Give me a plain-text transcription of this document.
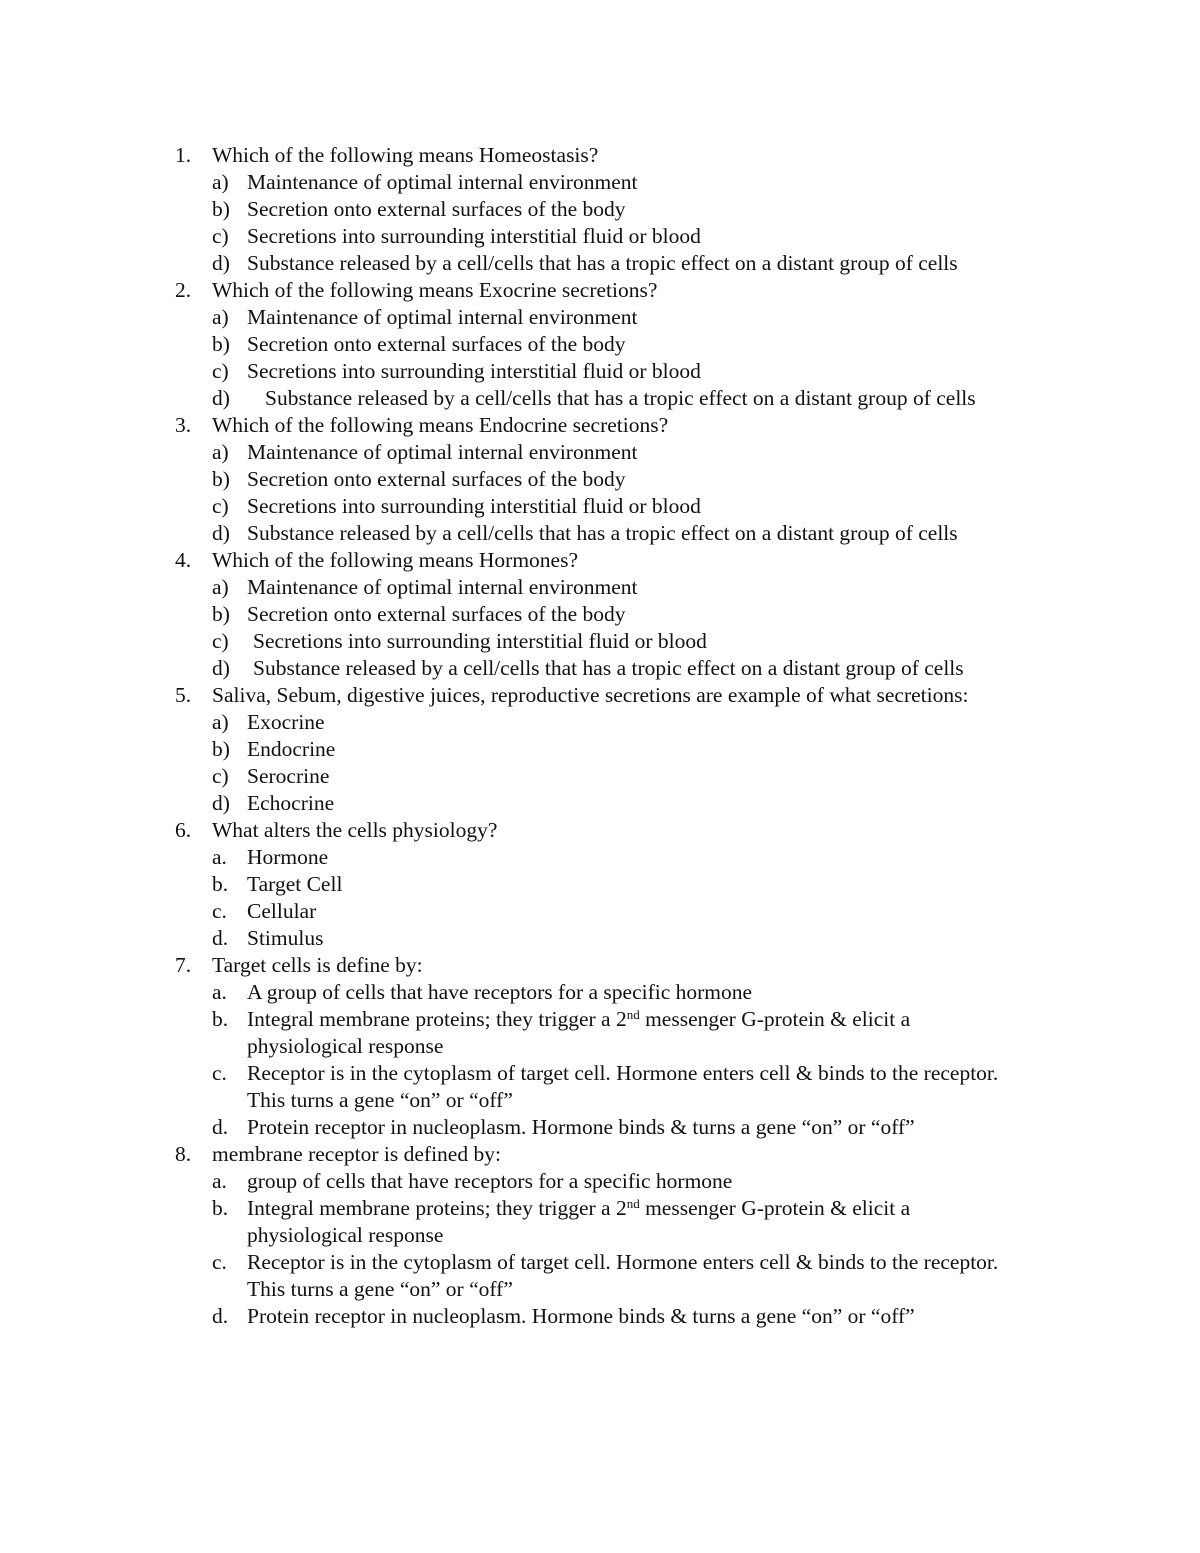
1. Which of the following means Homeostasis?
a) Maintenance of optimal internal environment
b) Secretion onto external surfaces of the body
c) Secretions into surrounding interstitial fluid or blood
d) Substance released by a cell/cells that has a tropic effect on a distant group of cells
2. Which of the following means Exocrine secretions?
a) Maintenance of optimal internal environment
b) Secretion onto external surfaces of the body
c) Secretions into surrounding interstitial fluid or blood
d) Substance released by a cell/cells that has a tropic effect on a distant group of cells
3. Which of the following means Endocrine secretions?
a) Maintenance of optimal internal environment
b) Secretion onto external surfaces of the body
c) Secretions into surrounding interstitial fluid or blood
d) Substance released by a cell/cells that has a tropic effect on a distant group of cells
4. Which of the following means Hormones?
a) Maintenance of optimal internal environment
b) Secretion onto external surfaces of the body
c) Secretions into surrounding interstitial fluid or blood
d) Substance released by a cell/cells that has a tropic effect on a distant group of cells
5. Saliva, Sebum, digestive juices, reproductive secretions are example of what secretions:
a) Exocrine
b) Endocrine
c) Serocrine
d) Echocrine
6. What alters the cells physiology?
a. Hormone
b. Target Cell
c. Cellular
d. Stimulus
7. Target cells is define by:
a. A group of cells that have receptors for a specific hormone
b. Integral membrane proteins; they trigger a 2nd messenger G-protein & elicit a physiological response
c. Receptor is in the cytoplasm of target cell. Hormone enters cell & binds to the receptor. This turns a gene “on” or “off”
d. Protein receptor in nucleoplasm. Hormone binds & turns a gene “on” or “off”
8. membrane receptor is defined by:
a. group of cells that have receptors for a specific hormone
b. Integral membrane proteins; they trigger a 2nd messenger G-protein & elicit a physiological response
c. Receptor is in the cytoplasm of target cell. Hormone enters cell & binds to the receptor. This turns a gene “on” or “off”
d. Protein receptor in nucleoplasm. Hormone binds & turns a gene “on” or “off”
